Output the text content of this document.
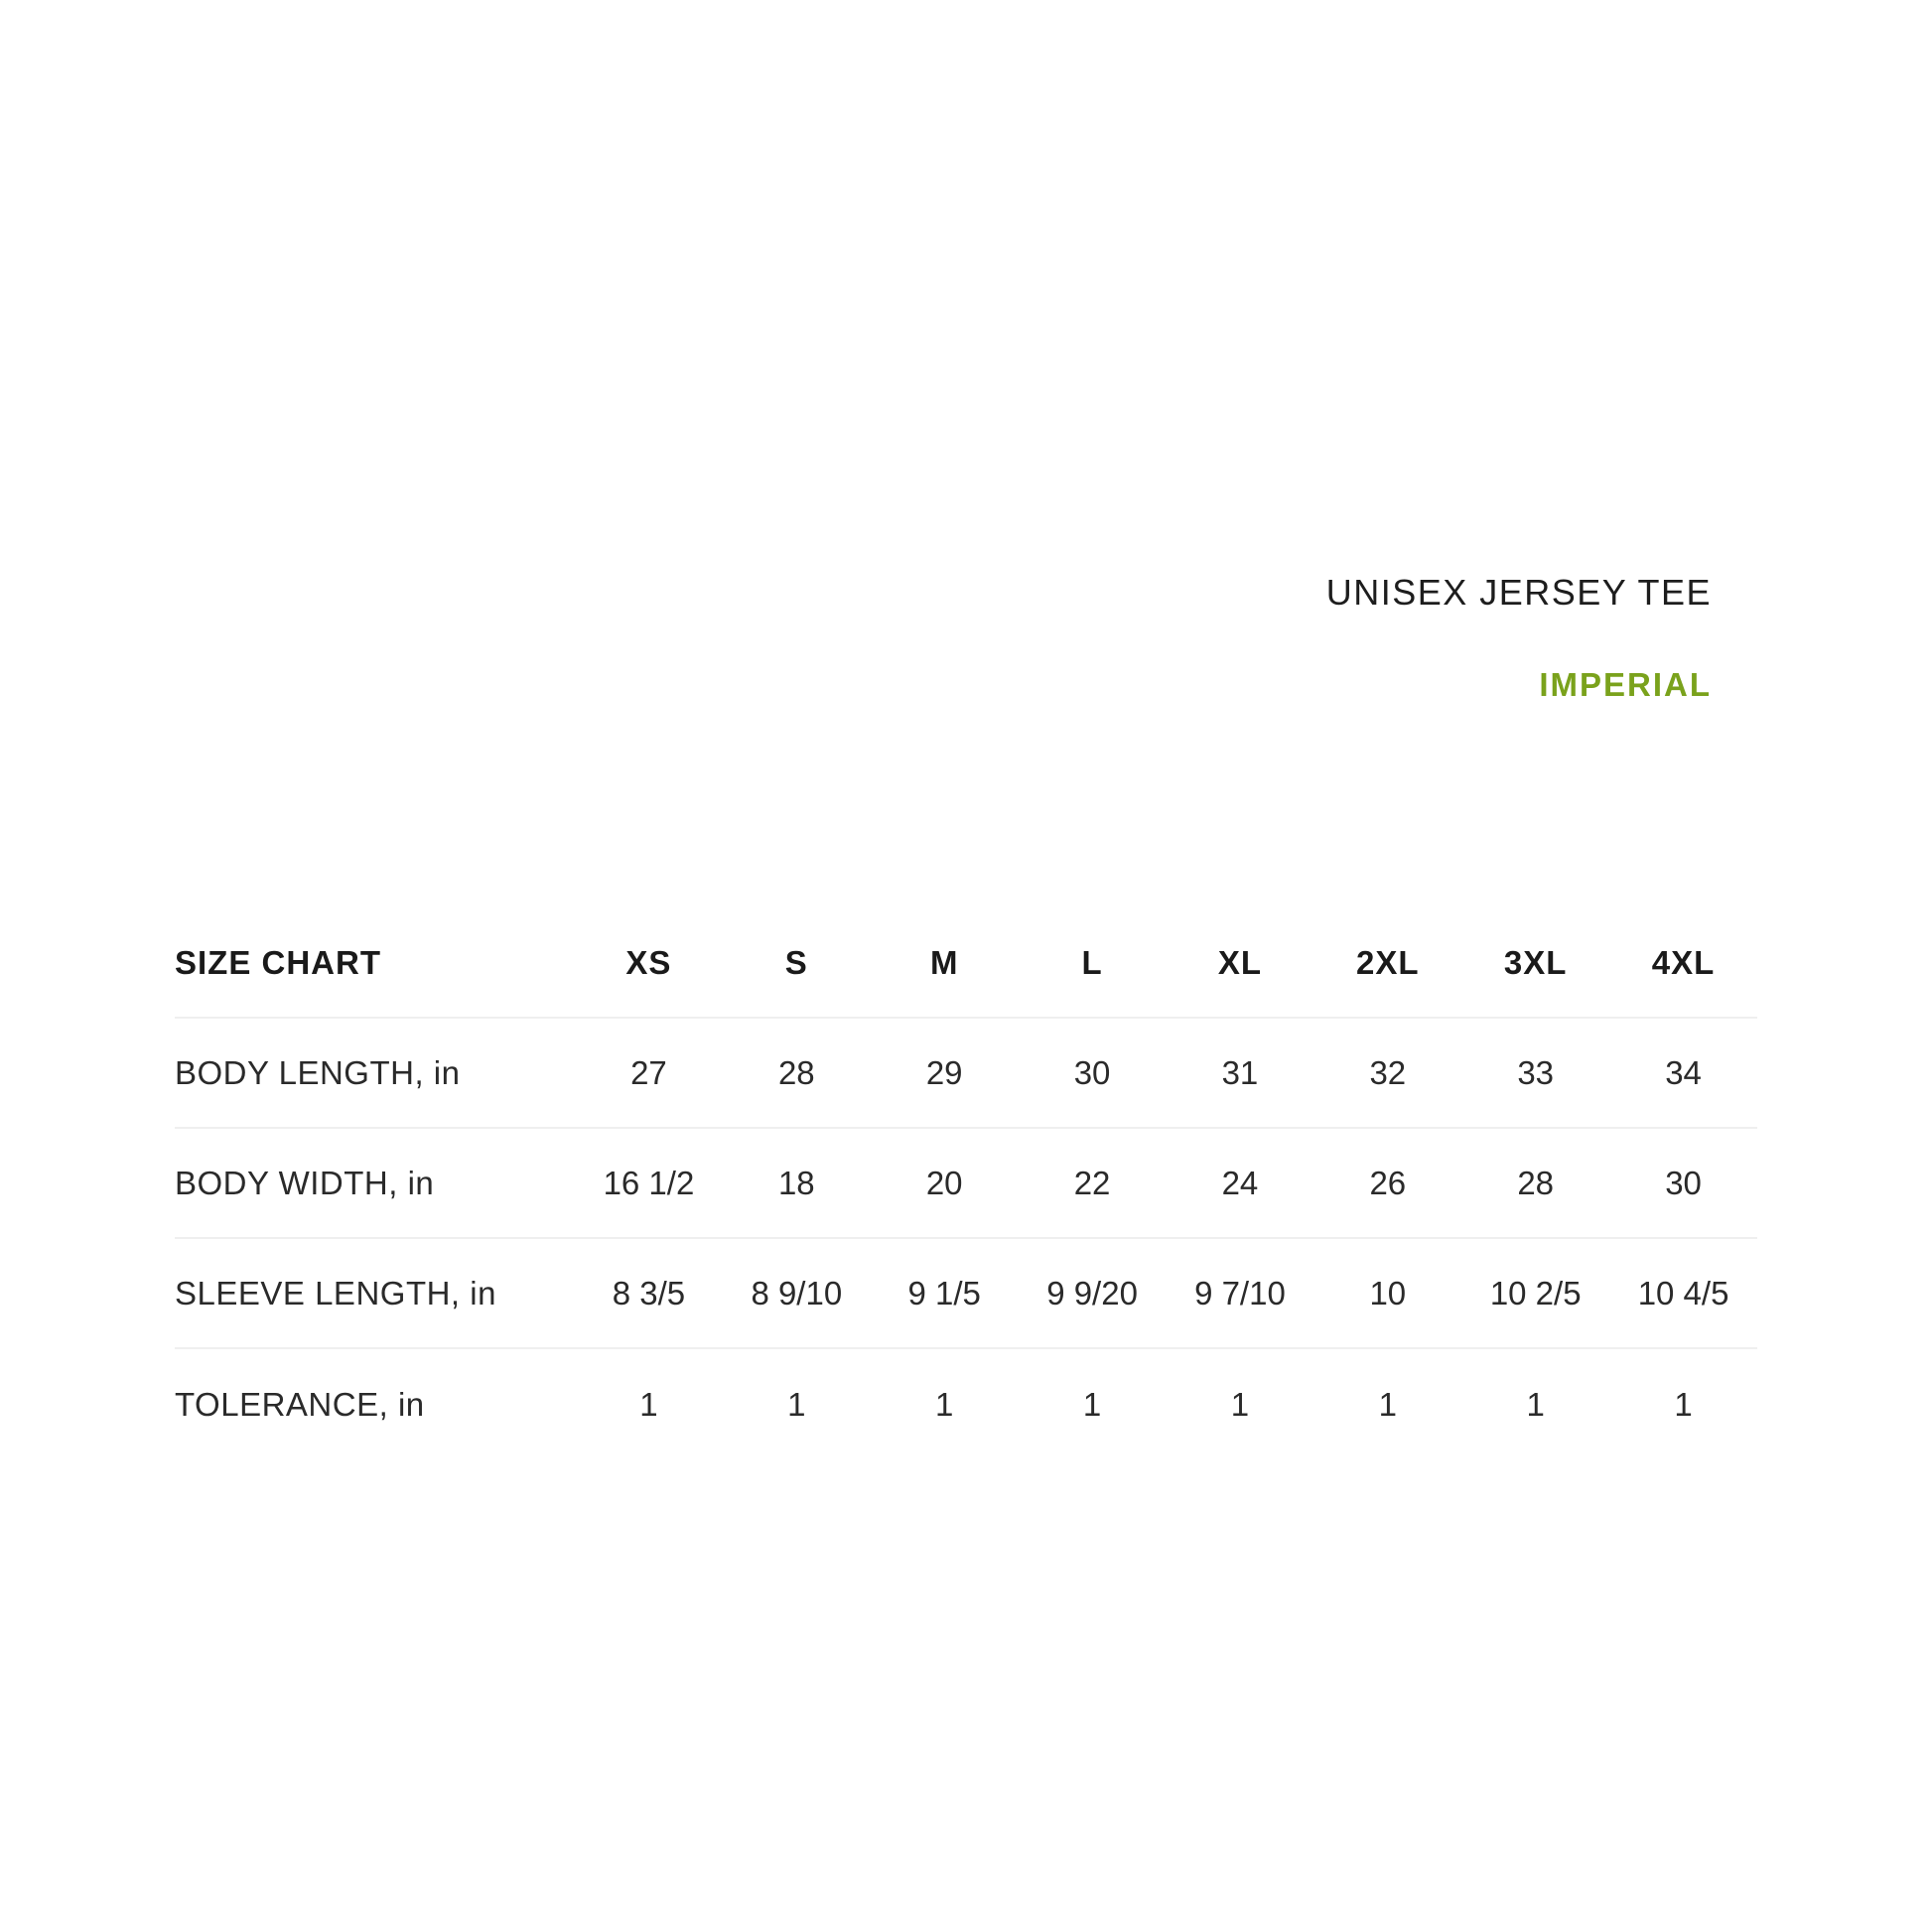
UNISEX JERSEY TEE
IMPERIAL
SIZE CHART	XS	S	M	L	XL	2XL	3XL	4XL
BODY LENGTH, in	27	28	29	30	31	32	33	34
BODY WIDTH, in	16 1/2	18	20	22	24	26	28	30
SLEEVE LENGTH, in	8 3/5	8 9/10	9 1/5	9 9/20	9 7/10	10	10 2/5	10 4/5
TOLERANCE, in	1	1	1	1	1	1	1	1
